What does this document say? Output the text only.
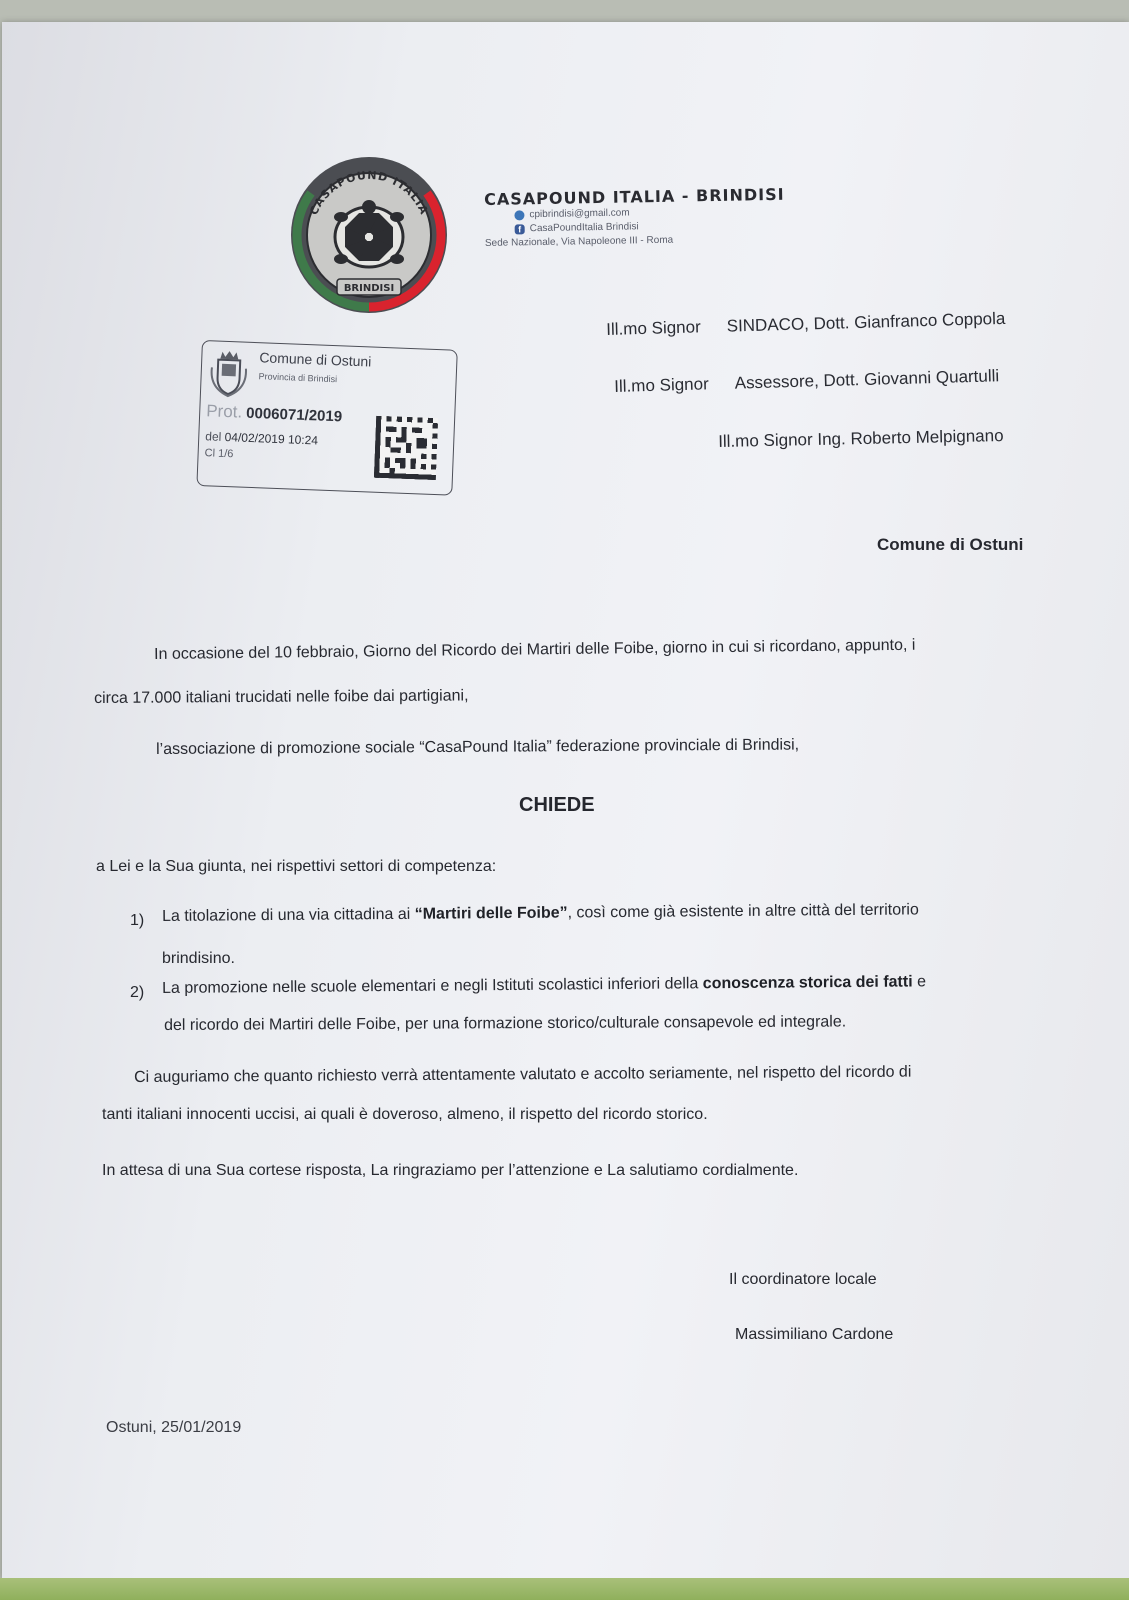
CASAPOUND ITALIA
BRINDISI
CASAPOUND ITALIA - BRINDISI
cpibrindisi@gmail.com
f CasaPoundItalia Brindisi
Sede Nazionale, Via Napoleone III - Roma
Comune di Ostuni
Provincia di Brindisi
Prot. 0006071/2019
del 04/02/2019 10:24
Cl 1/6
Ill.mo Signor SINDACO, Dott. Gianfranco Coppola
Ill.mo Signor Assessore, Dott. Giovanni Quartulli
Ill.mo Signor Ing. Roberto Melpignano
Comune di Ostuni
In occasione del 10 febbraio, Giorno del Ricordo dei Martiri delle Foibe, giorno in cui si ricordano, appunto, i
circa 17.000 italiani trucidati nelle foibe dai partigiani,
l’associazione di promozione sociale “CasaPound Italia” federazione provinciale di Brindisi,
CHIEDE
a Lei e la Sua giunta, nei rispettivi settori di competenza:
1) La titolazione di una via cittadina ai “Martiri delle Foibe”, così come già esistente in altre città del territorio
brindisino.
2) La promozione nelle scuole elementari e negli Istituti scolastici inferiori della conoscenza storica dei fatti e
del ricordo dei Martiri delle Foibe, per una formazione storico/culturale consapevole ed integrale.
Ci auguriamo che quanto richiesto verrà attentamente valutato e accolto seriamente, nel rispetto del ricordo di
tanti italiani innocenti uccisi, ai quali è doveroso, almeno, il rispetto del ricordo storico.
In attesa di una Sua cortese risposta, La ringraziamo per l’attenzione e La salutiamo cordialmente.
Il coordinatore locale
Massimiliano Cardone
Ostuni, 25/01/2019
